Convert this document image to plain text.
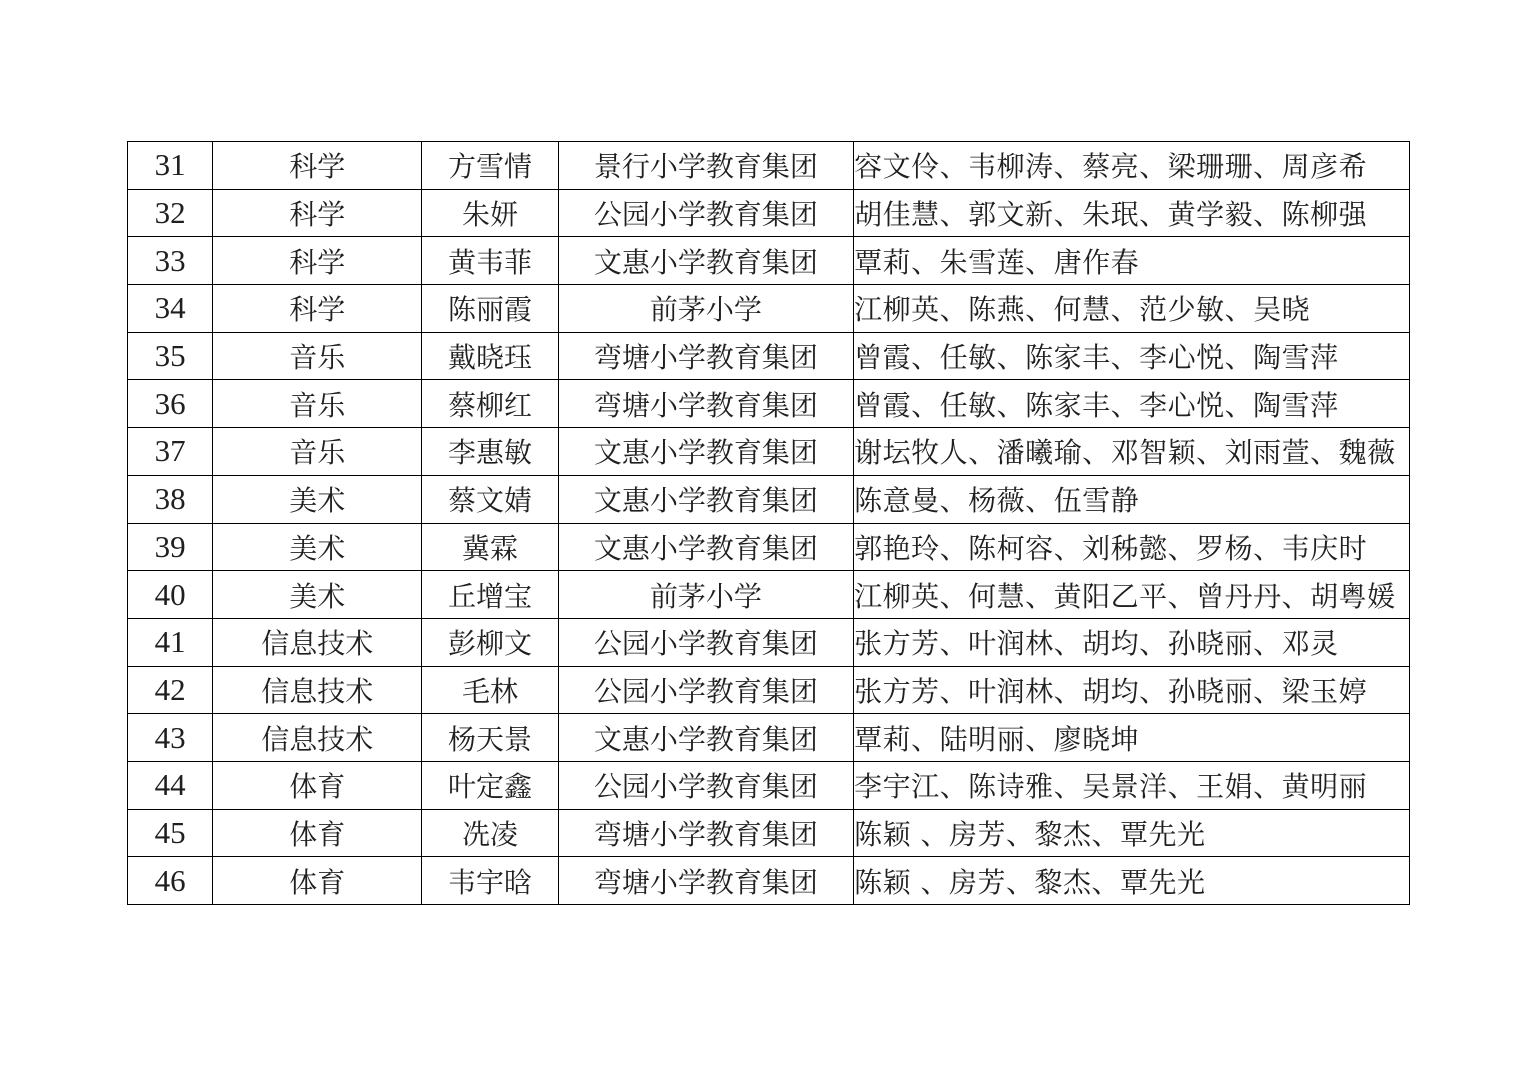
31	科学	方雪情	景行小学教育集团	容文伶、韦柳涛、蔡亮、梁珊珊、周彦希
32	科学	朱妍	公园小学教育集团	胡佳慧、郭文新、朱珉、黄学毅、陈柳强
33	科学	黄韦菲	文惠小学教育集团	覃莉、朱雪莲、唐作春
34	科学	陈丽霞	前茅小学	江柳英、陈燕、何慧、范少敏、吴晓
35	音乐	戴晓珏	弯塘小学教育集团	曾霞、任敏、陈家丰、李心悦、陶雪萍
36	音乐	蔡柳红	弯塘小学教育集团	曾霞、任敏、陈家丰、李心悦、陶雪萍
37	音乐	李惠敏	文惠小学教育集团	谢坛牧人、潘曦瑜、邓智颖、刘雨萱、魏薇
38	美术	蔡文婧	文惠小学教育集团	陈意曼、杨薇、伍雪静
39	美术	冀霖	文惠小学教育集团	郭艳玲、陈柯容、刘秭懿、罗杨、韦庆时
40	美术	丘增宝	前茅小学	江柳英、何慧、黄阳乙平、曾丹丹、胡粤媛
41	信息技术	彭柳文	公园小学教育集团	张方芳、叶润林、胡均、孙晓丽、邓灵
42	信息技术	毛林	公园小学教育集团	张方芳、叶润林、胡均、孙晓丽、梁玉婷
43	信息技术	杨天景	文惠小学教育集团	覃莉、陆明丽、廖晓坤
44	体育	叶定鑫	公园小学教育集团	李宇江、陈诗雅、吴景洋、王娟、黄明丽
45	体育	冼凌	弯塘小学教育集团	陈颖 、房芳、黎杰、覃先光
46	体育	韦宇晗	弯塘小学教育集团	陈颖 、房芳、黎杰、覃先光
